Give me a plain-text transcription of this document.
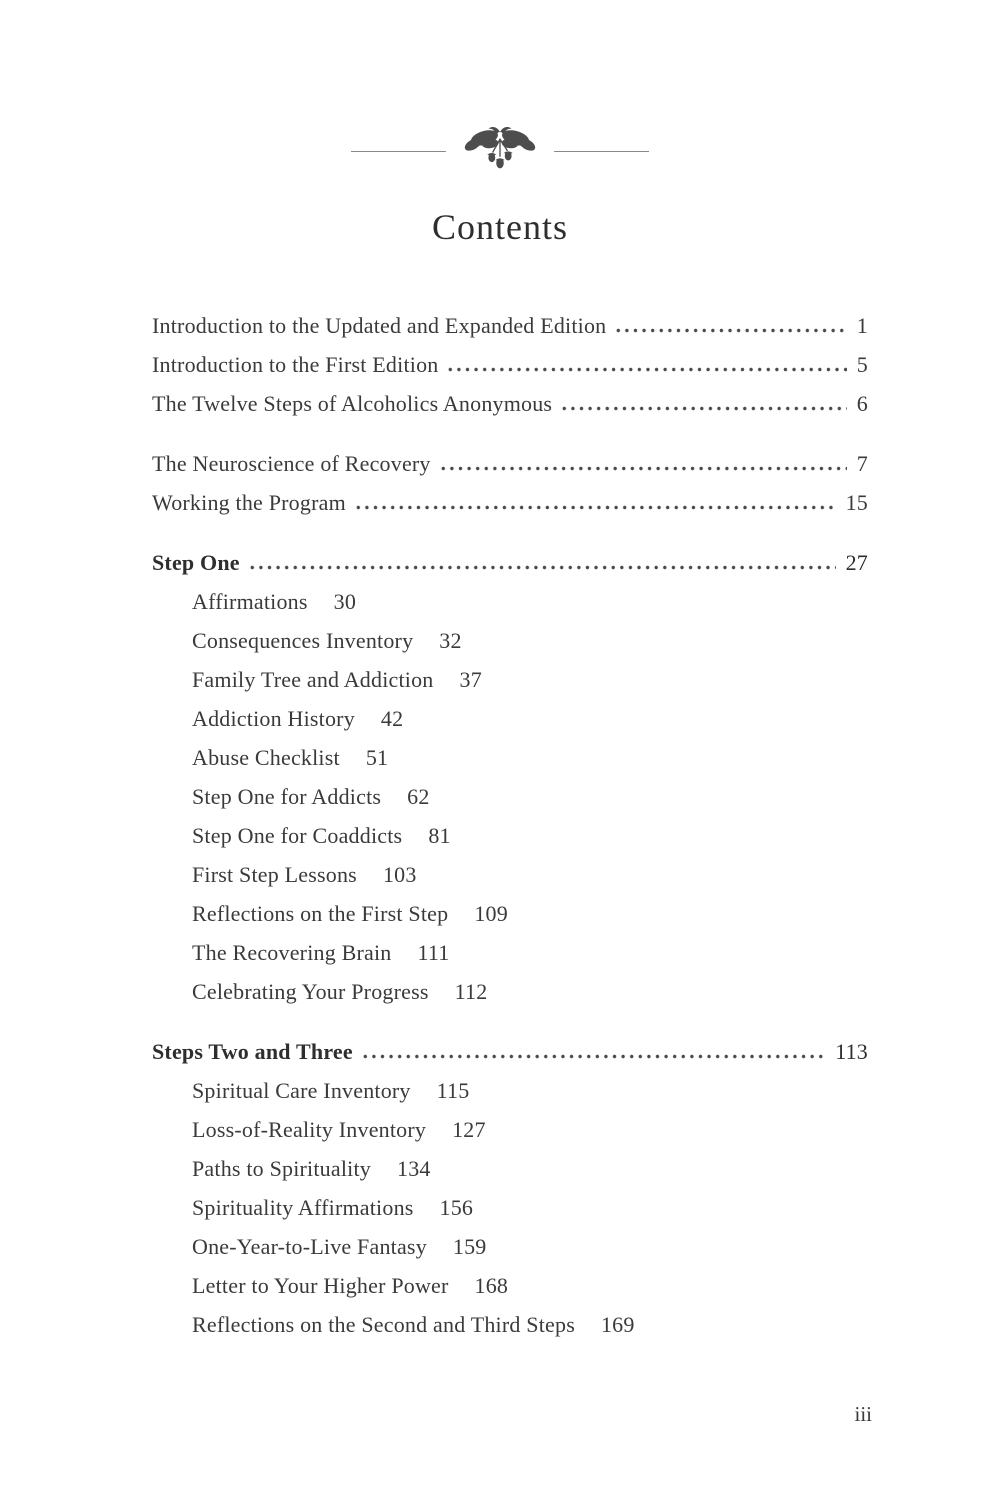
Contents
Introduction to the Updated and Expanded Edition	1
Introduction to the First Edition	5
The Twelve Steps of Alcoholics Anonymous	6
The Neuroscience of Recovery	7
Working the Program	15
Step One	27
Affirmations 30
Consequences Inventory 32
Family Tree and Addiction 37
Addiction History 42
Abuse Checklist 51
Step One for Addicts 62
Step One for Coaddicts 81
First Step Lessons 103
Reflections on the First Step 109
The Recovering Brain 111
Celebrating Your Progress 112
Steps Two and Three	113
Spiritual Care Inventory 115
Loss-of-Reality Inventory 127
Paths to Spirituality 134
Spirituality Affirmations 156
One-Year-to-Live Fantasy 159
Letter to Your Higher Power 168
Reflections on the Second and Third Steps 169
iii
